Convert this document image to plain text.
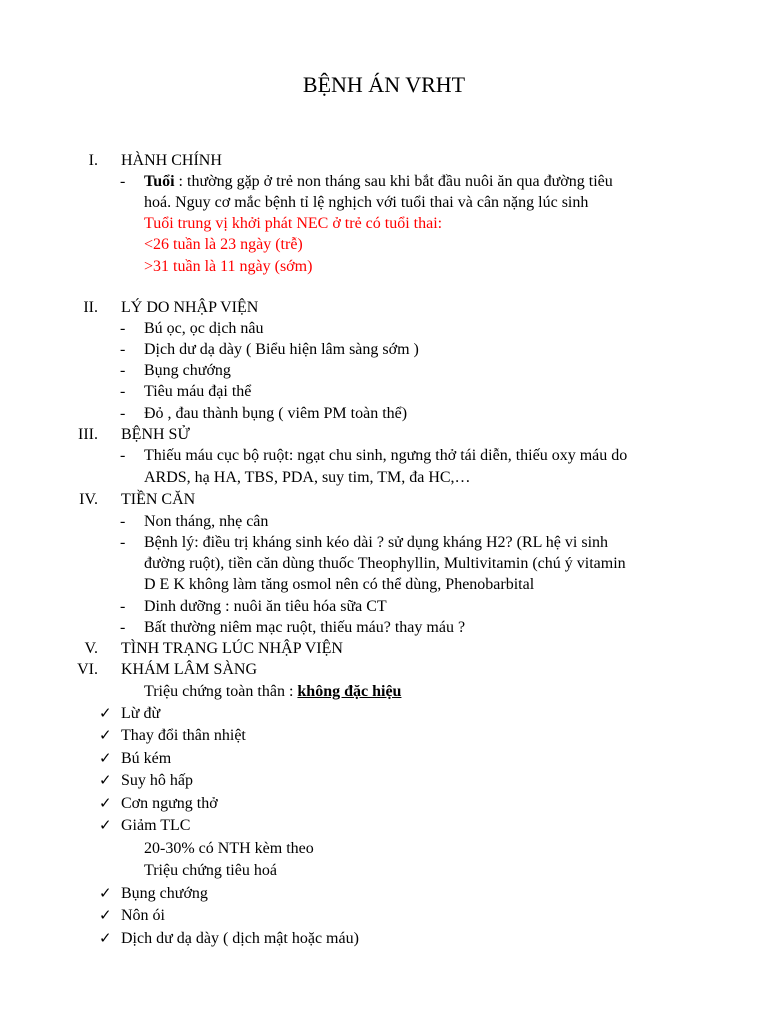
BỆNH ÁN VRHT
I. HÀNH CHÍNH
- Tuổi : thường gặp ở trẻ non tháng sau khi bắt đầu nuôi ăn qua đường tiêu
hoá. Nguy cơ mắc bệnh tỉ lệ nghịch với tuổi thai và cân nặng lúc sinh
Tuổi trung vị khởi phát NEC ở trẻ có tuổi thai:
<26 tuần là 23 ngày (trễ)
>31 tuần là 11 ngày (sớm)
II. LÝ DO NHẬP VIỆN
- Bú ọc, ọc dịch nâu
- Dịch dư dạ dày ( Biểu hiện lâm sàng sớm )
- Bụng chướng
- Tiêu máu đại thể
- Đỏ , đau thành bụng ( viêm PM toàn thể)
III. BỆNH SỬ
- Thiếu máu cục bộ ruột: ngạt chu sinh, ngưng thở tái diễn, thiếu oxy máu do
ARDS, hạ HA, TBS, PDA, suy tim, TM, đa HC,…
IV. TIỀN CĂN
- Non tháng, nhẹ cân
- Bệnh lý: điều trị kháng sinh kéo dài ? sử dụng kháng H2? (RL hệ vi sinh
đường ruột), tiền căn dùng thuốc Theophyllin, Multivitamin (chú ý vitamin
D E K không làm tăng osmol nên có thể dùng, Phenobarbital
- Dinh dưỡng : nuôi ăn tiêu hóa sữa CT
- Bất thường niêm mạc ruột, thiếu máu? thay máu ?
V. TÌNH TRẠNG LÚC NHẬP VIỆN
VI. KHÁM LÂM SÀNG
Triệu chứng toàn thân : không đặc hiệu
✓ Lừ đừ
✓ Thay đổi thân nhiệt
✓ Bú kém
✓ Suy hô hấp
✓ Cơn ngưng thở
✓ Giảm TLC
20-30% có NTH kèm theo
Triệu chứng tiêu hoá
✓ Bụng chướng
✓ Nôn ói
✓ Dịch dư dạ dày ( dịch mật hoặc máu)
